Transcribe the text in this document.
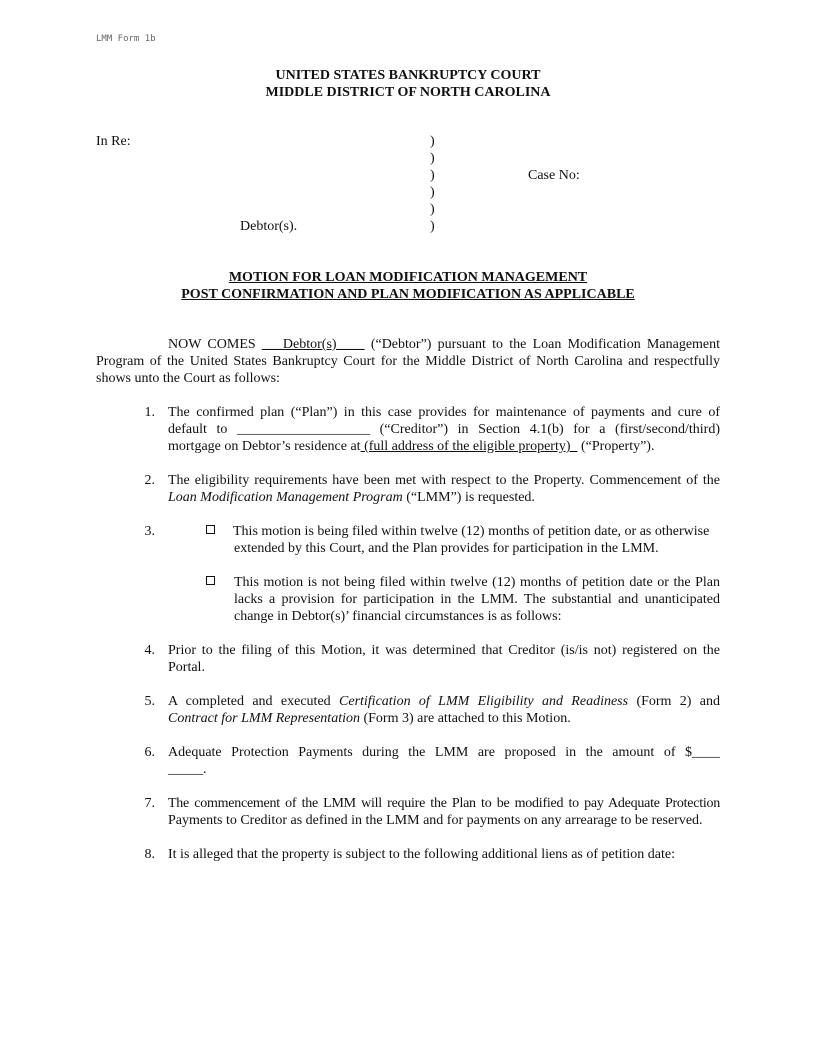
LMM Form 1b
UNITED STATES BANKRUPTCY COURT
MIDDLE DISTRICT OF NORTH CAROLINA
In Re:	)
)
)
)
)
)
Case No:
Debtor(s).
MOTION FOR LOAN MODIFICATION MANAGEMENT
POST CONFIRMATION AND PLAN MODIFICATION AS APPLICABLE
NOW COMES ___Debtor(s)____ (“Debtor”) pursuant to the Loan Modification Management
Program of the United States Bankruptcy Court for the Middle District of North Carolina and respectfully
shows unto the Court as follows:
1. The confirmed plan (“Plan”) in this case provides for maintenance of payments and cure of
default to ___________________ (“Creditor”) in Section 4.1(b) for a (first/second/third)
mortgage on Debtor’s residence at (full address of the eligible property)   (“Property”).
2. The eligibility requirements have been met with respect to the Property. Commencement of the
Loan Modification Management Program (“LMM”) is requested.
3.	This motion is being filed within twelve (12) months of petition date, or as otherwise
extended by this Court, and the Plan provides for participation in the LMM.
This motion is not being filed within twelve (12) months of petition date or the Plan
lacks a provision for participation in the LMM. The substantial and unanticipated
change in Debtor(s)’ financial circumstances is as follows:
4. Prior to the filing of this Motion, it was determined that Creditor (is/is not) registered on the
Portal.
5. A completed and executed Certification of LMM Eligibility and Readiness (Form 2) and
Contract for LMM Representation (Form 3) are attached to this Motion.
6. Adequate Protection Payments during the LMM are proposed in the amount of $____
_____.
7. The commencement of the LMM will require the Plan to be modified to pay Adequate Protection
Payments to Creditor as defined in the LMM and for payments on any arrearage to be reserved.
8. It is alleged that the property is subject to the following additional liens as of petition date:
